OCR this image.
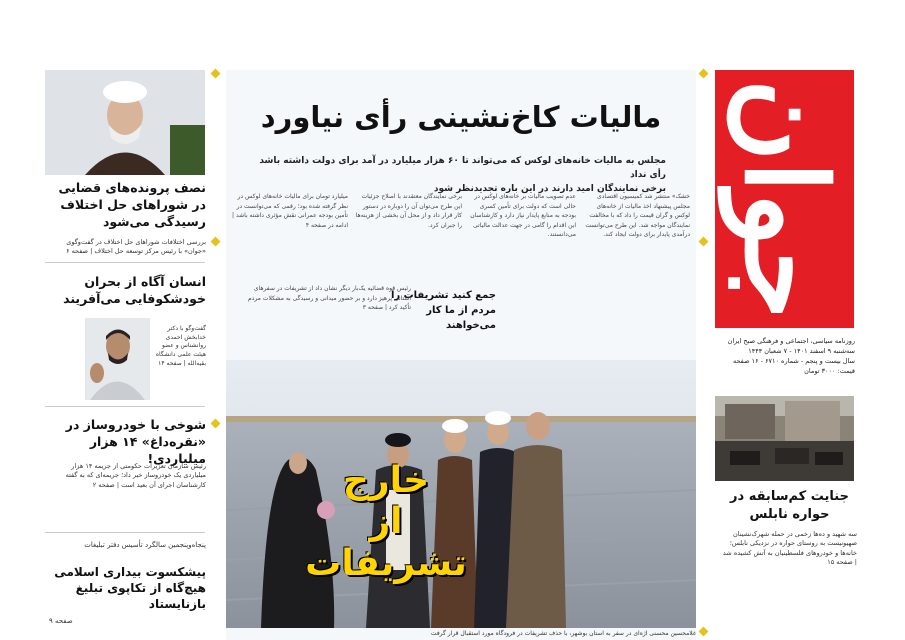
نصف پرونده‌های قضایی در شوراهای حل اختلاف رسیدگی می‌شود
بررسی اختلافات شوراهای حل اختلاف در گفت‌وگوی «جوان» با رئیس مرکز توسعه حل اختلاف | صفحه ۶
انسان آگاه از بحران خودشکوفایی می‌آفریند
گفت‌وگو با دکتر خدابخش احمدی روانشناس و عضو هیئت علمی دانشگاه بقیه‌الله | صفحه ۱۴
شوخی با خودروساز در «نقره‌داغ» ۱۴ هزار میلیاردی!
رئیس سازمان تعزیرات حکومتی از جریمه ۱۴ هزار میلیاردی یک خودروساز خبر داد؛ جریمه‌ای که به گفته کارشناسان اجرای آن بعید است | صفحه ۲
پنجاه‌وپنجمین سالگرد تأسیس دفتر تبلیغات
پیشکسوت بیداری اسلامی هیچ‌گاه از تکاپوی تبلیغ بازنایستاد
صفحه ۹
مالیات کاخ‌نشینی رأی نیاورد
مجلس به مالیات خانه‌های لوکس که می‌تواند تا ۶۰ هزار میلیارد در آمد برای دولت داشته باشد رأی نداد
برخی نمایندگان امید دارند در این باره تجدیدنظر شود
خشک» منتشر شد کمیسیون اقتصادی مجلس پیشنهاد اخذ مالیات از خانه‌های لوکس و گران قیمت را داد که با مخالفت نمایندگان مواجه شد. این طرح می‌توانست درآمدی پایدار برای دولت ایجاد کند.
عدم تصویب مالیات بر خانه‌های لوکس در حالی است که دولت برای تأمین کسری بودجه به منابع پایدار نیاز دارد و کارشناسان این اقدام را گامی در جهت عدالت مالیاتی می‌دانستند.
برخی نمایندگان معتقدند با اصلاح جزئیات این طرح می‌توان آن را دوباره در دستور کار قرار داد و از محل آن بخشی از هزینه‌ها را جبران کرد.
میلیارد تومان برای مالیات خانه‌های لوکس در نظر گرفته شده بود؛ رقمی که می‌توانست در تأمین بودجه عمرانی نقش مؤثری داشته باشد | ادامه در صفحه ۴
جمع کنید تشریفات را مردم از ما کار می‌خواهند
رئیس قوه قضائیه یک‌بار دیگر نشان داد از تشریفات در سفرهای استانی پرهیز دارد و بر حضور میدانی و رسیدگی به مشکلات مردم تأکید کرد | صفحه ۳
خارج
از تشریفات
غلامحسین محسنی اژه‌ای در سفر به استان بوشهر، با حذف تشریفات در فرودگاه مورد استقبال قرار گرفت
جوان
روزنامه سیاسی، اجتماعی و فرهنگی صبح ایران
سه‌شنبه ۹ اسفند ۱۴۰۱ - ۷ شعبان ۱۴۴۴
سال بیست و پنجم - شماره ۶۷۱۰ - ۱۶ صفحه
قیمت: ۳۰۰۰ تومان
جنایت کم‌سابقه در حواره نابلس
سه شهید و ده‌ها زخمی در حمله شهرک‌نشینان صهیونیست به روستای حواره در نزدیکی نابلس؛ خانه‌ها و خودروهای فلسطینیان به آتش کشیده شد | صفحه ۱۵
